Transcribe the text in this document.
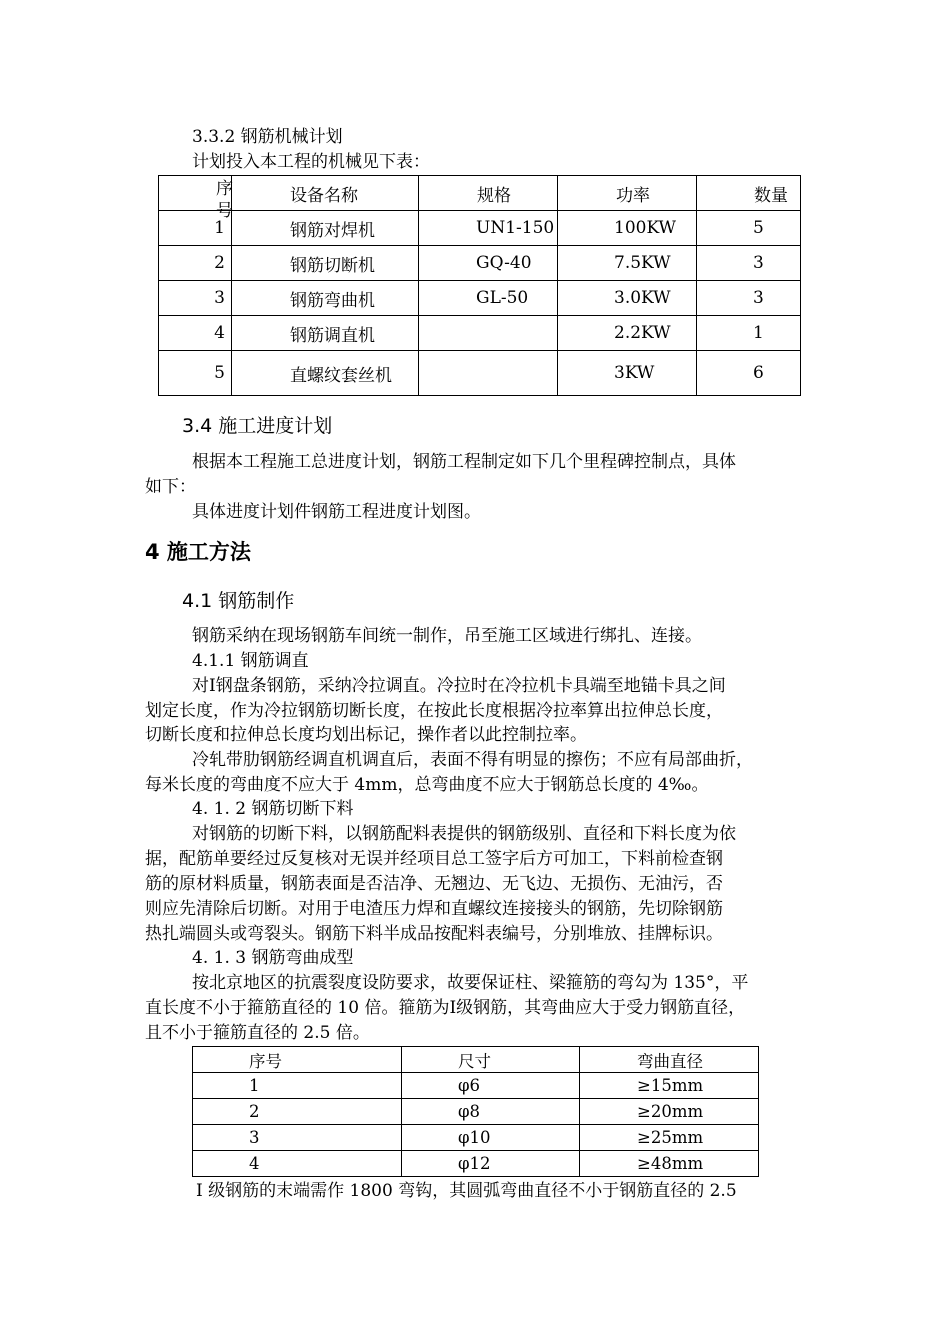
3.3.2 钢筋机械计划
计划投入本工程的机械见下表：
序号	设备名称	规格	功率	数量
1	钢筋对焊机	UN1-150	100KW	5
2	钢筋切断机	GQ-40	7.5KW	3
3	钢筋弯曲机	GL-50	3.0KW	3
4	钢筋调直机		2.2KW	1
5	直螺纹套丝机		3KW	6
3.4 施工进度计划
根据本工程施工总进度计划，钢筋工程制定如下几个里程碑控制点，具体
如下：
具体进度计划件钢筋工程进度计划图。
4 施工方法
4.1 钢筋制作
钢筋采纳在现场钢筋车间统一制作，吊至施工区域进行绑扎、连接。
4.1.1 钢筋调直
对Ⅰ钢盘条钢筋，采纳冷拉调直。冷拉时在冷拉机卡具端至地锚卡具之间
划定长度，作为冷拉钢筋切断长度，在按此长度根据冷拉率算出拉伸总长度，
切断长度和拉伸总长度均划出标记，操作者以此控制拉率。
冷轧带肋钢筋经调直机调直后，表面不得有明显的擦伤；不应有局部曲折，
每米长度的弯曲度不应大于 4mm，总弯曲度不应大于钢筋总长度的 4‰。
4. 1. 2 钢筋切断下料
对钢筋的切断下料，以钢筋配料表提供的钢筋级别、直径和下料长度为依
据，配筋单要经过反复核对无误并经项目总工签字后方可加工，下料前检查钢
筋的原材料质量，钢筋表面是否洁净、无翘边、无飞边、无损伤、无油污，否
则应先清除后切断。对用于电渣压力焊和直螺纹连接接头的钢筋，先切除钢筋
热扎端圆头或弯裂头。钢筋下料半成品按配料表编号，分别堆放、挂牌标识。
4. 1. 3 钢筋弯曲成型
按北京地区的抗震裂度设防要求，故要保证柱、梁箍筋的弯勾为 135°，平
直长度不小于箍筋直径的 10 倍。箍筋为Ⅰ级钢筋，其弯曲应大于受力钢筋直径，
且不小于箍筋直径的 2.5 倍。
序号	尺寸	弯曲直径
1	φ6	≥15mm
2	φ8	≥20mm
3	φ10	≥25mm
4	φ12	≥48mm
Ⅰ 级钢筋的末端需作 1800 弯钩，其圆弧弯曲直径不小于钢筋直径的 2.5
